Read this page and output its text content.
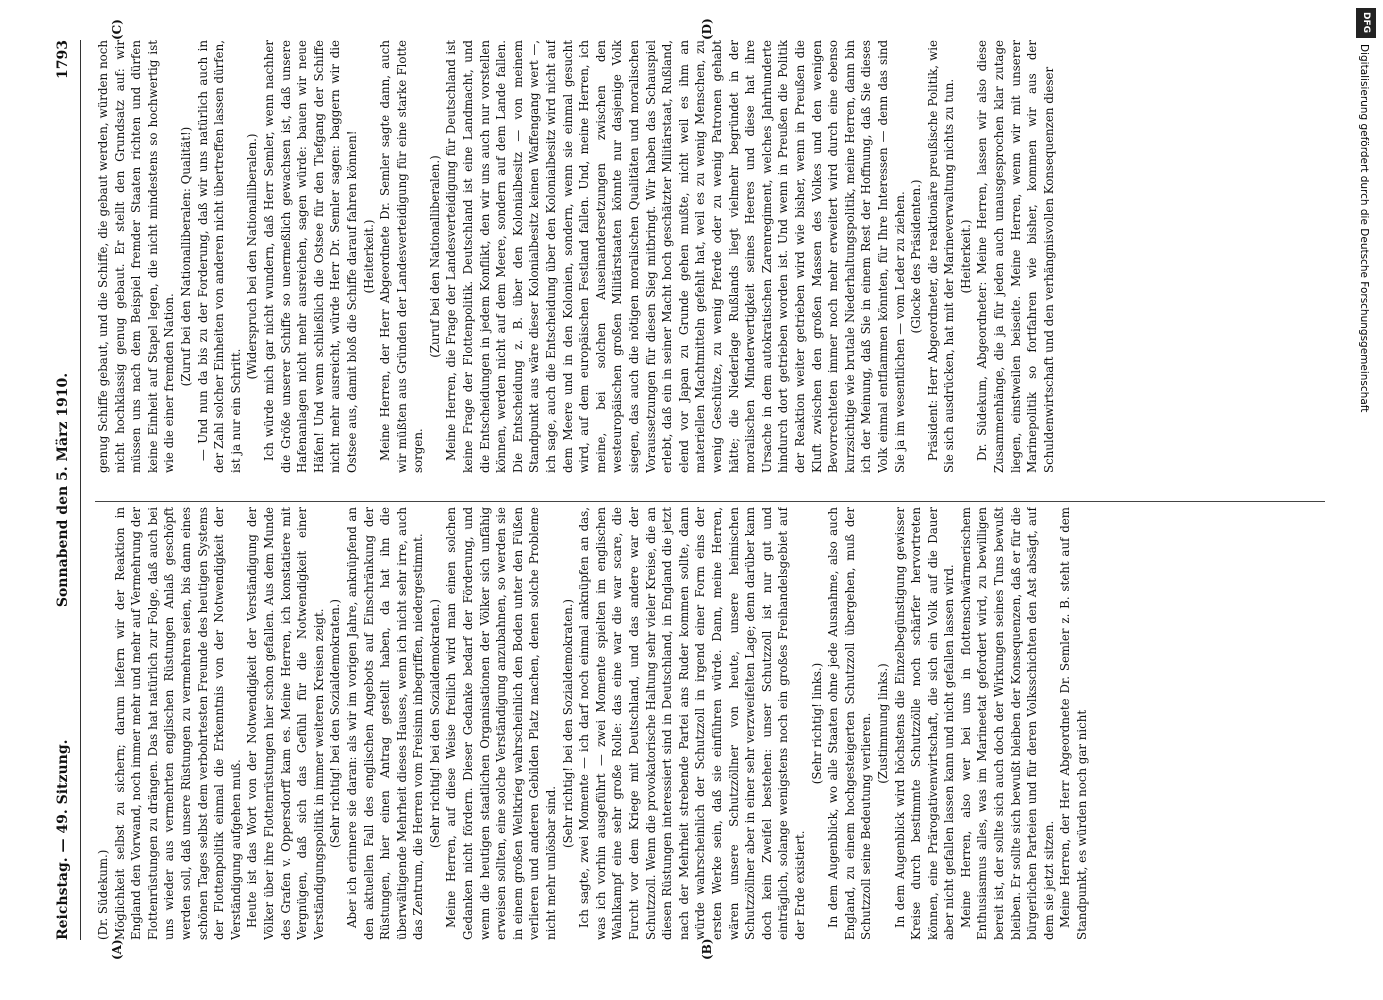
Reichstag. — 49. Sitzung.
Sonnabend den 5. März 1910.
1793

(Dr. Südekum.) Möglichkeit selbst zu sichern; darum liefern wir der Reaktion in England den Vorwand, noch immer mehr und mehr auf Vermehrung der Flottenrüstungen zu drängen. Das hat natürlich zur Folge, daß auch bei uns wieder aus vermehrten englischen Rüstungen Anlaß geschöpft werden soll, daß unsere Rüstungen zu vermehren seien, bis dann eines schönen Tages selbst dem verbohrtesten Freunde des heutigen Systems der Flottenpolitik einmal die Erkenntnis von der Notwendigkeit der Verständigung aufgehen muß. Heute ist das Wort von der Notwendigkeit der Verständigung der Völker über ihre Flottenrüstungen hier schon gefallen. Aus dem Munde des Grafen v. Oppersdorff kam es. Meine Herren, ich konstatiere mit Vergnügen, daß sich das Gefühl für die Notwendigkeit einer Verständigungspolitik in immer weiteren Kreisen zeigt. (Sehr richtig! bei den Sozialdemokraten.) Aber ich erinnere sie daran: als wir im vorigen Jahre, anknüpfend an den aktuellen Fall des englischen Angebots auf Einschränkung der Rüstungen, hier einen Antrag gestellt haben, da hat ihn die überwältigende Mehrheit dieses Hauses, wenn ich nicht sehr irre, auch das Zentrum, die Herren vom Freisinn inbegriffen, niedergestimmt. (Sehr richtig! bei den Sozialdemokraten.) Meine Herren, auf diese Weise freilich wird man einen solchen Gedanken nicht fördern. Dieser Gedanke bedarf der Förderung, und wenn die heutigen staatlichen Organisationen der Völker sich unfähig erweisen sollten, eine solche Verständigung anzubahnen, so werden sie in einem großen Weltkrieg wahrscheinlich den Boden unter den Füßen verlieren und anderen Gebilden Platz machen, denen solche Probleme nicht mehr unlösbar sind.

(Sehr richtig! bei den Sozialdemokraten.) Ich sagte, zwei Momente — ich darf noch einmal anknüpfen an das, was ich vorhin ausgeführt — zwei Momente spielten im englischen Wahlkampf eine sehr große Rolle: das eine war die war scare, die Furcht vor dem Kriege mit Deutschland, und das andere war der Schutzzoll. Wenn die provokatorische Haltung sehr vieler Kreise, die an diesen Rüstungen interessiert sind in Deutschland, in England die jetzt nach der Mehrheit strebende Partei ans Ruder kommen sollte, dann würde wahrscheinlich der Schutzzoll in irgend einer Form eins der ersten Werke sein, daß sie einführen würde. Dann, meine Herren, wären unsere Schutzzöllner von heute, unsere heimischen Schutzzöllner aber in einer sehr verzweifelten Lage; denn darüber kann doch kein Zweifel bestehen: unser Schutzzoll ist nur gut und einträglich, solange wenigstens noch ein großes Freihandelsgebiet auf der Erde existiert.

(Sehr richtig! links.) In dem Augenblick, wo alle Staaten ohne jede Ausnahme, also auch England, zu einem hochgesteigerten Schutzzoll übergehen, muß der Schutzzoll seine Bedeutung verlieren. (Zustimmung links.) In dem Augenblick wird höchstens die Einzelbegünstigung gewisser Kreise durch bestimmte Schutzzölle noch schärfer hervortreten können, eine Prärogativenwirtschaft, die sich ein Volk auf die Dauer aber nicht gefallen lassen kann und nicht gefallen lassen wird. Meine Herren, also wer bei uns in flottenschwärmerischem Enthusiasmus alles, was im Marineetat gefordert wird, zu bewilligen bereit ist, der sollte sich auch doch der Wirkungen seines Tuns bewußt bleiben. Er sollte sich bewußt bleiben der Konsequenzen, daß er für die bürgerlichen Parteien und für deren Volksschichten den Ast absägt, auf dem sie jetzt sitzen. Meine Herren, der Herr Abgeordnete Dr. Semler z. B. steht auf dem Standpunkt, es würden noch gar nicht

genug Schiffe gebaut, und die Schiffe, die gebaut werden, würden noch nicht hochklassig genug gebaut. Er stellt den Grundsatz auf: wir müssen uns nach dem Beispiel fremder Staaten richten und dürfen keine Einheit auf Stapel legen, die nicht mindestens so hochwertig ist wie die einer fremden Nation. (Zuruf bei den Nationalliberalen: Qualität!) — Und nun da bis zu der Forderung, daß wir uns natürlich auch in der Zahl solcher Einheiten von anderen nicht übertreffen lassen dürfen, ist ja nur ein Schritt.

(Widerspruch bei den Nationalliberalen.) Ich würde mich gar nicht wundern, daß Herr Semler, wenn nachher die Größe unserer Schiffe so unermeßlich gewachsen ist, daß unsere Hafenanlagen nicht mehr ausreichen, sagen würde: bauen wir neue Häfen! Und wenn schließlich die Ostsee für den Tiefgang der Schiffe nicht mehr ausreicht, würde Herr Dr. Semler sagen: baggern wir die Ostsee aus, damit bloß die Schiffe darauf fahren können! (Heiterkeit.) Meine Herren, der Herr Abgeordnete Dr. Semler sagte dann, auch wir müßten aus Gründen der Landesverteidigung für eine starke Flotte sorgen.

(Zuruf bei den Nationalliberalen.) Meine Herren, die Frage der Landesverteidigung für Deutschland ist keine Frage der Flottenpolitik. Deutschland ist eine Landmacht, und die Entscheidungen in jedem Konflikt, den wir uns auch nur vorstellen können, werden nicht auf dem Meere, sondern auf dem Lande fallen. Die Entscheidung z. B. über den Kolonialbesitz — von meinem Standpunkt aus wäre dieser Kolonialbesitz keinen Waffengang wert —, ich sage, auch die Entscheidung über den Kolonialbesitz wird nicht auf dem Meere und in den Kolonien, sondern, wenn sie einmal gesucht wird, auf dem europäischen Festland fallen. Und, meine Herren, ich meine, bei solchen Auseinandersetzungen zwischen den westeuropäischen großen Militärstaaten könnte nur dasjenige Volk siegen, das auch die nötigen moralischen Qualitäten und moralischen Voraussetzungen für diesen Sieg mitbringt. Wir haben das Schauspiel erlebt, daß ein in seiner Macht hoch geschätzter Militärstaat, Rußland, elend vor Japan zu Grunde gehen mußte, nicht weil es ihm an materiellen Machtmitteln gefehlt hat, weil es zu wenig Menschen, zu wenig Geschütze, zu wenig Pferde oder zu wenig Patronen gehabt hätte; die Niederlage Rußlands liegt vielmehr begründet in der moralischen Minderwertigkeit seines Heeres und diese hat ihre Ursache in dem autokratischen Zarenregiment, welches Jahrhunderte hindurch dort getrieben worden ist. Und wenn in Preußen die Politik der Reaktion weiter getrieben wird wie bisher, wenn in Preußen die Kluft zwischen den großen Massen des Volkes und den wenigen Bevorrechteten immer noch mehr erweitert wird durch eine ebenso kurzsichtige wie brutale Niederhaltungspolitik, meine Herren, dann bin ich der Meinung, daß Sie in einem Rest der Hoffnung, daß Sie dieses Volk einmal entflammen könnten, für Ihre Interessen — denn das sind Sie ja im wesentlichen — vom Leder zu ziehen. (Glocke des Präsidenten.) Präsident: Herr Abgeordneter, die reaktionäre preußische Politik, wie Sie sich ausdrücken, hat mit der Marineverwaltung nichts zu tun. (Heiterkeit.) Dr. Südekum, Abgeordneter: Meine Herren, lassen wir also diese Zusammenhänge, die ja für jeden auch unausgesprochen klar zutage liegen, einstweilen beiseite. Meine Herren, wenn wir mit unserer Marinepolitik so fortfahren wie bisher, kommen wir aus der Schuldenwirtschaft und den verhängnisvollen Konsequenzen dieser

(A)	(B)
(C)	(D)	DFG
Digitalisierung gefördert durch die Deutsche Forschungsgemeinschaft
